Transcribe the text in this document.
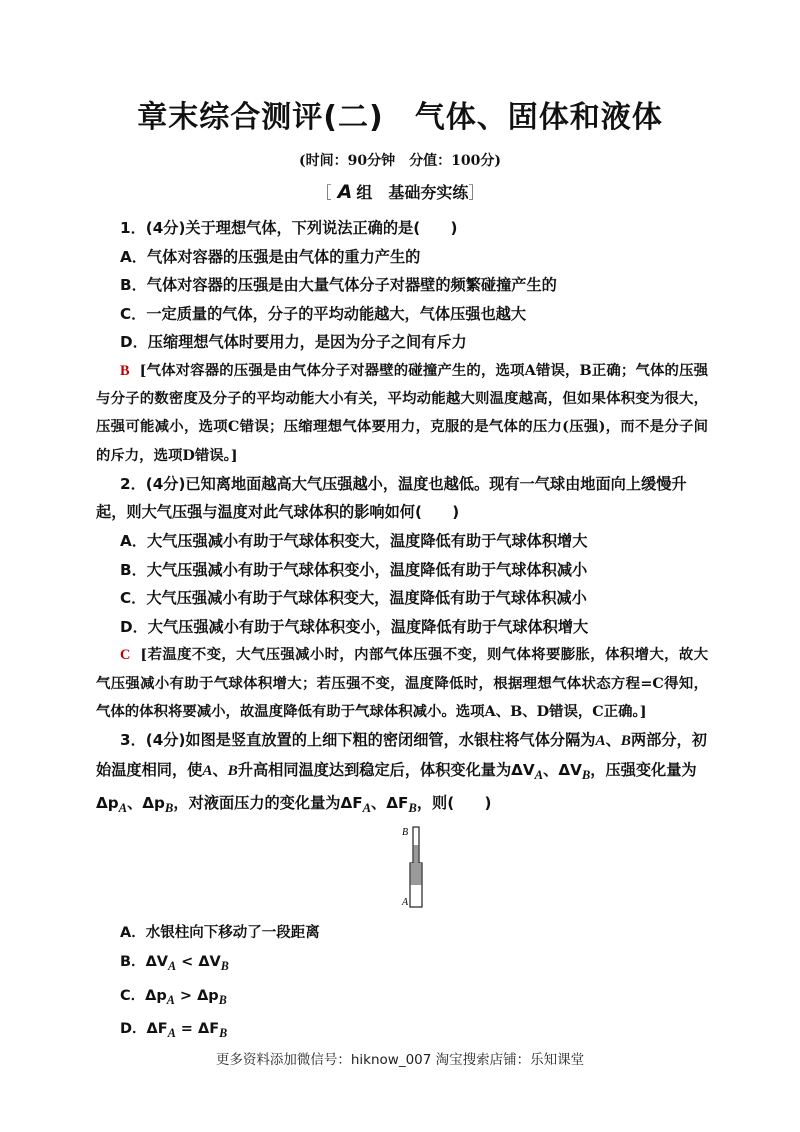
章末综合测评(二)　气体、固体和液体
(时间：90分钟　分值：100分)
［ A 组　基础夯实练］

1．(4分)关于理想气体，下列说法正确的是(　　)

A．气体对容器的压强是由气体的重力产生的

B．气体对容器的压强是由大量气体分子对器壁的频繁碰撞产生的

C．一定质量的气体，分子的平均动能越大，气体压强也越大

D．压缩理想气体时要用力，是因为分子之间有斥力

B [气体对容器的压强是由气体分子对器壁的碰撞产生的，选项A错误，B正确；气体的压强与分子的数密度及分子的平均动能大小有关，平均动能越大则温度越高，但如果体积变为很大，压强可能减小，选项C错误；压缩理想气体要用力，克服的是气体的压力(压强)，而不是分子间的斥力，选项D错误。]

2．(4分)已知离地面越高大气压强越小，温度也越低。现有一气球由地面向上缓慢升起，则大气压强与温度对此气球体积的影响如何(　　)

A．大气压强减小有助于气球体积变大，温度降低有助于气球体积增大

B．大气压强减小有助于气球体积变小，温度降低有助于气球体积减小

C．大气压强减小有助于气球体积变大，温度降低有助于气球体积减小

D．大气压强减小有助于气球体积变小，温度降低有助于气球体积增大

C [若温度不变，大气压强减小时，内部气体压强不变，则气体将要膨胀，体积增大，故大气压强减小有助于气球体积增大；若压强不变，温度降低时，根据理想气体状态方程=C得知，气体的体积将要减小，故温度降低有助于气球体积减小。选项A、B、D错误，C正确。]

3．(4分)如图是竖直放置的上细下粗的密闭细管，水银柱将气体分隔为A、B两部分，初始温度相同，使A、B升高相同温度达到稳定后，体积变化量为$\Delta V_A$、$\Delta V_B$，压强变化量为$\Delta p_A$、$\Delta p_B$，对液面压力的变化量为$\Delta F_A$、$\Delta F_B$，则(　　)

B
A

A．水银柱向下移动了一段距离

B．$\Delta V_A < \Delta V_B$

C．$\Delta p_A > \Delta p_B$

D．$\Delta F_A = \Delta F_B$

更多资料添加微信号：hiknow_007 淘宝搜索店铺：乐知课堂
